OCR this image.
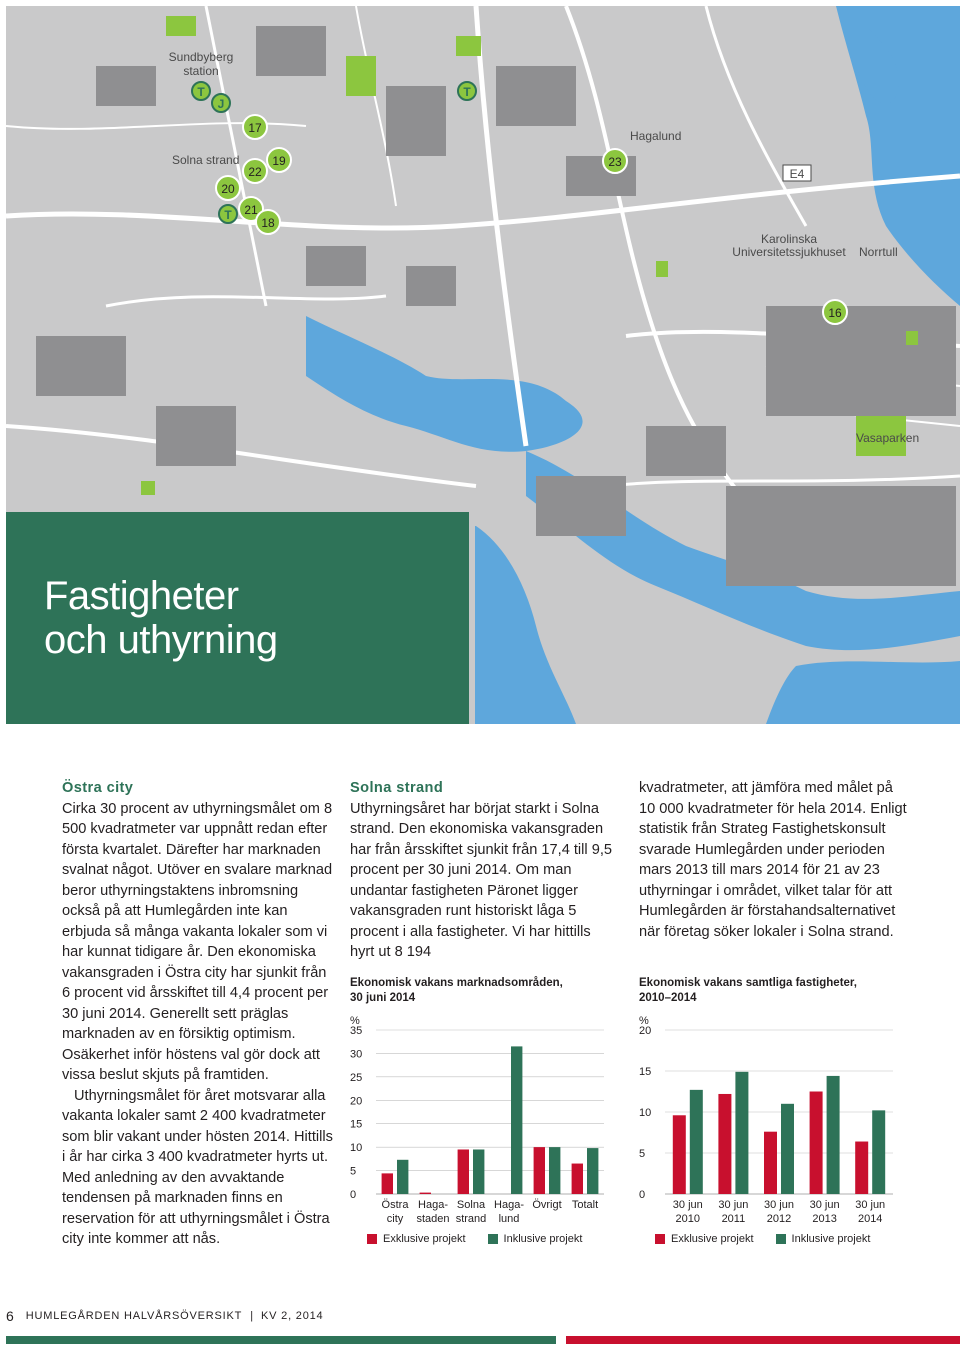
Sundbyberg
station
Solna strand
Hagalund
Karolinska
Universitetssjukhuset Norrtull
Vasaparken
E4
T
J
T
T
17
22
19
20
21
18
23
16
Fastigheter
och uthyrning
Östra city

Cirka 30 procent av uthyrningsmålet om 8 500 kvadratmeter var uppnått redan efter första kvartalet. Därefter har marknaden svalnat något. Utöver en svalare marknad beror uthyrningstaktens inbromsning också på att Humlegården inte kan erbjuda så många vakanta lokaler som vi har kunnat tidigare år. Den ekonomiska vakansgraden i Östra city har sjunkit från 6 procent vid årsskiftet till 4,4 procent per 30 juni 2014. Generellt sett präglas marknaden av en försiktig optimism. Osäkerhet inför höstens val gör dock att vissa beslut skjuts på framtiden.

Uthyrningsmålet för året motsvarar alla vakanta lokaler samt 2 400 kvadratmeter som blir vakant under hösten 2014. Hittills i år har cirka 3 400 kvadratmeter hyrts ut. Med anledning av den avvaktande tendensen på marknaden finns en reservation för att uthyrningsmålet i Östra city inte kommer att nås.

Solna strand

Uthyrningsåret har börjat starkt i Solna strand. Den ekonomiska vakansgraden har från årsskiftet sjunkit från 17,4 till 9,5 procent per 30 juni 2014. Om man undantar fastigheten Päronet ligger vakansgraden runt historiskt låga 5 procent i alla fastigheter. Vi har hittills hyrt ut 8 194

kvadratmeter, att jämföra med målet på 10 000 kvadratmeter för hela 2014. Enligt statistik från Strateg Fastighetskonsult svarade Humlegården under perioden mars 2013 till mars 2014 för 21 av 23 uthyrningar i området, vilket talar för att Humlegården är förstahandsalternativet när företag söker lokaler i Solna strand.

Ekonomisk vakans marknadsområden,
30 juni 2014
%
0
5
10
15
20
25
30
35
Östra
city
Haga-
staden
Solna
strand
Haga-
lund
Övrigt Totalt
Exklusive projekt	Inklusive projekt
Ekonomisk vakans samtliga fastigheter,
2010–2014
%
0
5
10
15
20
30 jun
2010
30 jun
2011
30 jun
2012
30 jun
2013
30 jun
2014
Exklusive projekt	Inklusive projekt
6 HUMLEGÅRDEN HALVÅRSÖVERSIKT | KV 2, 2014
